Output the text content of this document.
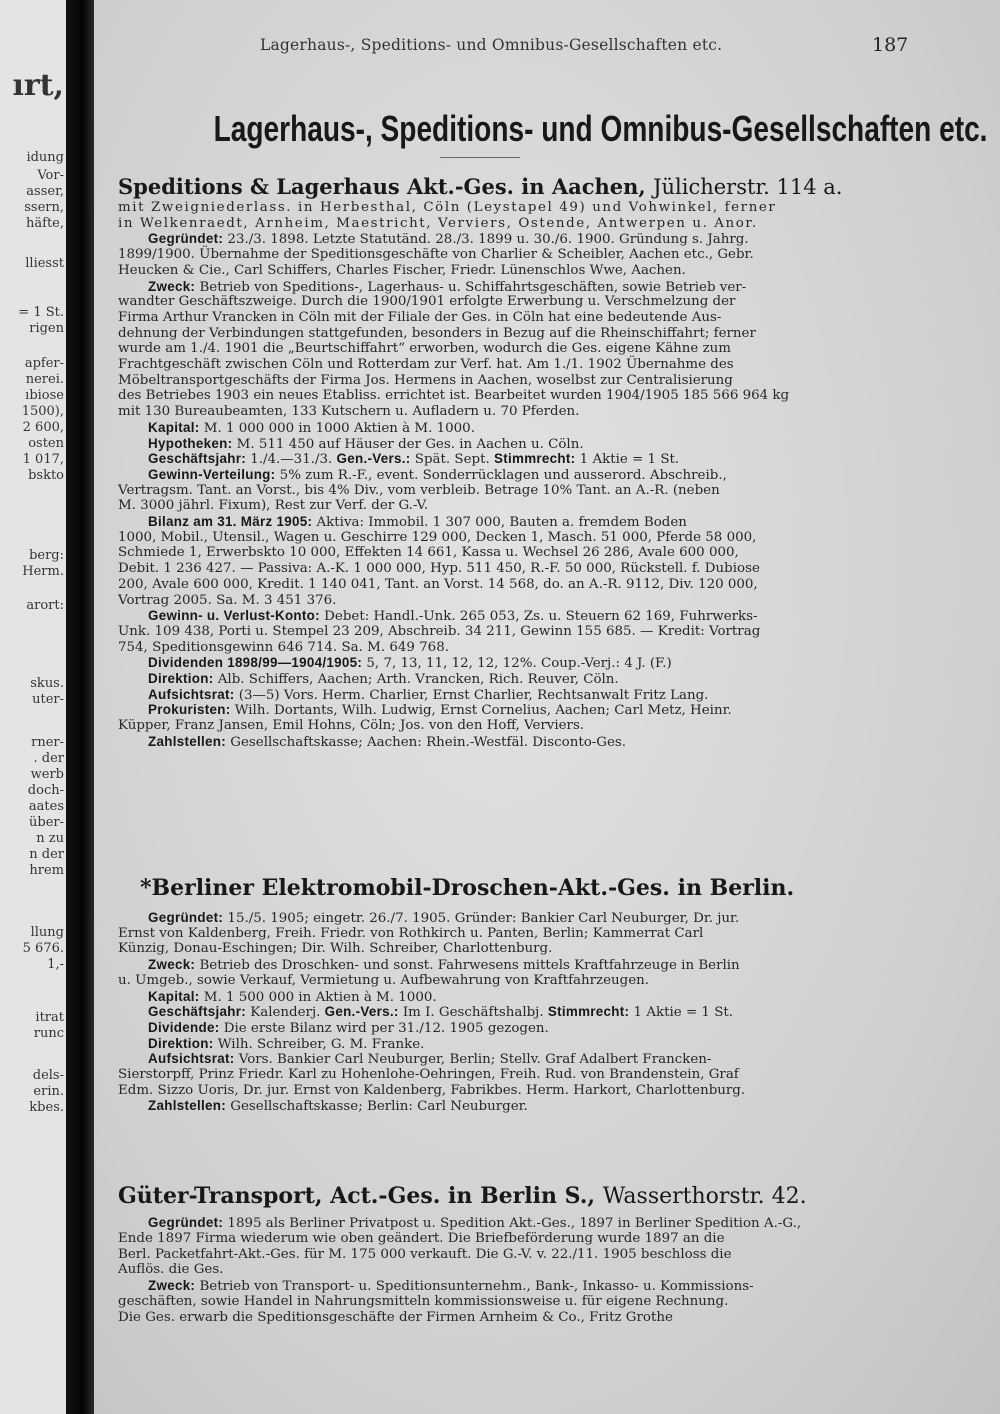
ırt,
idung
Vor-
asser,
ssern,
häfte,
lliesst
= 1 St.
rigen
apfer-
nerei.
ıbiose
1500),
2 600,
osten
1 017,
bskto
berg:
Herm.
arort:
skus.
uter-
rner-
. der
werb
doch-
aates
über-
n zu
n der
hrem
llung
5 676.
1,-
itrat
runc
dels-
erin.
kbes.
Lagerhaus-, Speditions- und Omnibus-Gesellschaften etc.	187
Lagerhaus-, Speditions- und Omnibus-Gesellschaften etc.
Speditions & Lagerhaus Akt.-Ges. in Aachen, Jülicherstr. 114 a.
mit Zweigniederlass. in Herbesthal, Cöln (Leystapel 49) und Vohwinkel, ferner
in Welkenraedt, Arnheim, Maestricht, Verviers, Ostende, Antwerpen u. Anor.
Gegründet: 23./3. 1898. Letzte Statutänd. 28./3. 1899 u. 30./6. 1900. Gründung s. Jahrg.
1899/1900. Übernahme der Speditionsgeschäfte von Charlier & Scheibler, Aachen etc., Gebr.
Heucken & Cie., Carl Schiffers, Charles Fischer, Friedr. Lünenschlos Wwe, Aachen.
Zweck: Betrieb von Speditions-, Lagerhaus- u. Schiffahrtsgeschäften, sowie Betrieb ver-
wandter Geschäftszweige. Durch die 1900/1901 erfolgte Erwerbung u. Verschmelzung der
Firma Arthur Vrancken in Cöln mit der Filiale der Ges. in Cöln hat eine bedeutende Aus-
dehnung der Verbindungen stattgefunden, besonders in Bezug auf die Rheinschiffahrt; ferner
wurde am 1./4. 1901 die „Beurtschiffahrt“ erworben, wodurch die Ges. eigene Kähne zum
Frachtgeschäft zwischen Cöln und Rotterdam zur Verf. hat. Am 1./1. 1902 Übernahme des
Möbeltransportgeschäfts der Firma Jos. Hermens in Aachen, woselbst zur Centralisierung
des Betriebes 1903 ein neues Etabliss. errichtet ist. Bearbeitet wurden 1904/1905 185 566 964 kg
mit 130 Bureaubeamten, 133 Kutschern u. Aufladern u. 70 Pferden.
Kapital: M. 1 000 000 in 1000 Aktien à M. 1000.
Hypotheken: M. 511 450 auf Häuser der Ges. in Aachen u. Cöln.
Geschäftsjahr: 1./4.—31./3. Gen.-Vers.: Spät. Sept. Stimmrecht: 1 Aktie = 1 St.
Gewinn-Verteilung: 5% zum R.-F., event. Sonderrücklagen und ausserord. Abschreib.,
Vertragsm. Tant. an Vorst., bis 4% Div., vom verbleib. Betrage 10% Tant. an A.-R. (neben
M. 3000 jährl. Fixum), Rest zur Verf. der G.-V.
Bilanz am 31. März 1905: Aktiva: Immobil. 1 307 000, Bauten a. fremdem Boden
1000, Mobil., Utensil., Wagen u. Geschirre 129 000, Decken 1, Masch. 51 000, Pferde 58 000,
Schmiede 1, Erwerbskto 10 000, Effekten 14 661, Kassa u. Wechsel 26 286, Avale 600 000,
Debit. 1 236 427. — Passiva: A.-K. 1 000 000, Hyp. 511 450, R.-F. 50 000, Rückstell. f. Dubiose
200, Avale 600 000, Kredit. 1 140 041, Tant. an Vorst. 14 568, do. an A.-R. 9112, Div. 120 000,
Vortrag 2005. Sa. M. 3 451 376.
Gewinn- u. Verlust-Konto: Debet: Handl.-Unk. 265 053, Zs. u. Steuern 62 169, Fuhrwerks-
Unk. 109 438, Porti u. Stempel 23 209, Abschreib. 34 211, Gewinn 155 685. — Kredit: Vortrag
754, Speditionsgewinn 646 714. Sa. M. 649 768.
Dividenden 1898/99—1904/1905: 5, 7, 13, 11, 12, 12, 12%. Coup.-Verj.: 4 J. (F.)
Direktion: Alb. Schiffers, Aachen; Arth. Vrancken, Rich. Reuver, Cöln.
Aufsichtsrat: (3—5) Vors. Herm. Charlier, Ernst Charlier, Rechtsanwalt Fritz Lang.
Prokuristen: Wilh. Dortants, Wilh. Ludwig, Ernst Cornelius, Aachen; Carl Metz, Heinr.
Küpper, Franz Jansen, Emil Hohns, Cöln; Jos. von den Hoff, Verviers.
Zahlstellen: Gesellschaftskasse; Aachen: Rhein.-Westfäl. Disconto-Ges.
*Berliner Elektromobil-Droschen-Akt.-Ges. in Berlin.
Gegründet: 15./5. 1905; eingetr. 26./7. 1905. Gründer: Bankier Carl Neuburger, Dr. jur.
Ernst von Kaldenberg, Freih. Friedr. von Rothkirch u. Panten, Berlin; Kammerrat Carl
Künzig, Donau-Eschingen; Dir. Wilh. Schreiber, Charlottenburg.
Zweck: Betrieb des Droschken- und sonst. Fahrwesens mittels Kraftfahrzeuge in Berlin
u. Umgeb., sowie Verkauf, Vermietung u. Aufbewahrung von Kraftfahrzeugen.
Kapital: M. 1 500 000 in Aktien à M. 1000.
Geschäftsjahr: Kalenderj. Gen.-Vers.: Im I. Geschäftshalbj. Stimmrecht: 1 Aktie = 1 St.
Dividende: Die erste Bilanz wird per 31./12. 1905 gezogen.
Direktion: Wilh. Schreiber, G. M. Franke.
Aufsichtsrat: Vors. Bankier Carl Neuburger, Berlin; Stellv. Graf Adalbert Francken-
Sierstorpff, Prinz Friedr. Karl zu Hohenlohe-Oehringen, Freih. Rud. von Brandenstein, Graf
Edm. Sizzo Uoris, Dr. jur. Ernst von Kaldenberg, Fabrikbes. Herm. Harkort, Charlottenburg.
Zahlstellen: Gesellschaftskasse; Berlin: Carl Neuburger.
Güter-Transport, Act.-Ges. in Berlin S., Wasserthorstr. 42.
Gegründet: 1895 als Berliner Privatpost u. Spedition Akt.-Ges., 1897 in Berliner Spedition A.-G.,
Ende 1897 Firma wiederum wie oben geändert. Die Briefbeförderung wurde 1897 an die
Berl. Packetfahrt-Akt.-Ges. für M. 175 000 verkauft. Die G.-V. v. 22./11. 1905 beschloss die
Auflös. die Ges.
Zweck: Betrieb von Transport- u. Speditionsunternehm., Bank-, Inkasso- u. Kommissions-
geschäften, sowie Handel in Nahrungsmitteln kommissionsweise u. für eigene Rechnung.
Die Ges. erwarb die Speditionsgeschäfte der Firmen Arnheim & Co., Fritz Grothe
